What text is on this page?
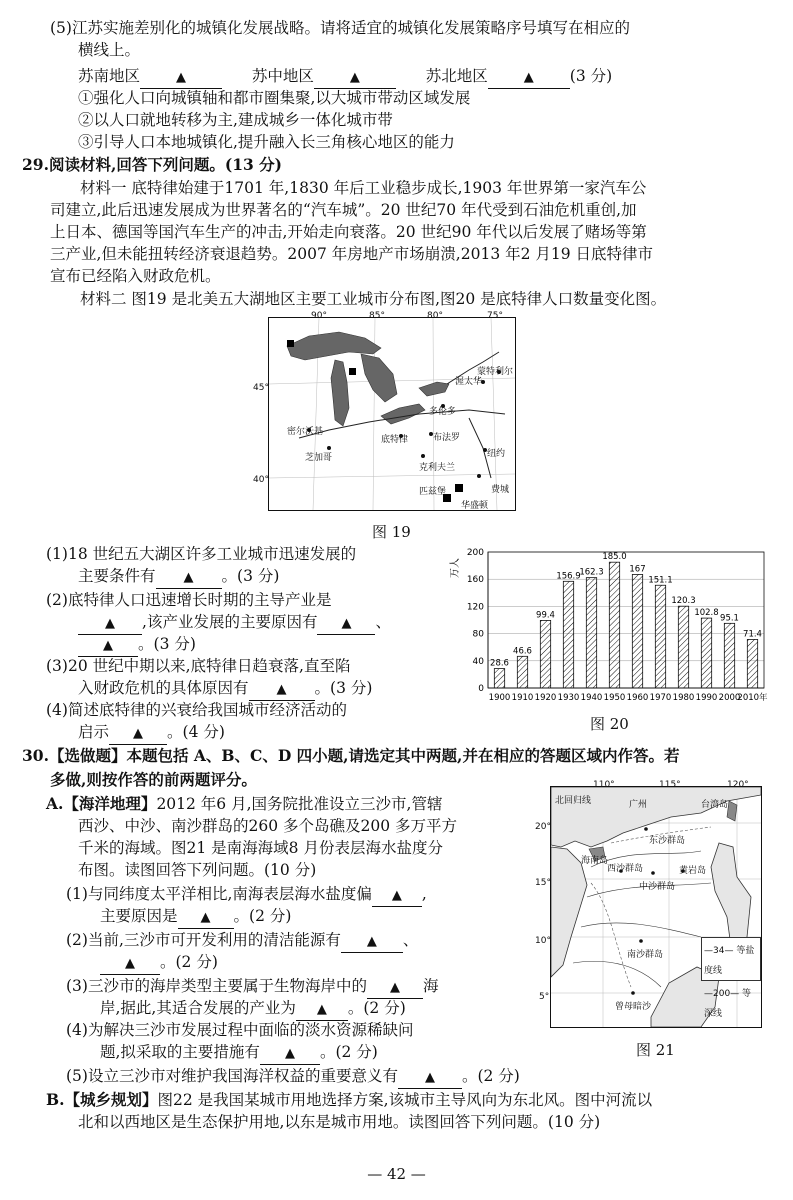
(5)江苏实施差别化的城镇化发展战略。请将适宜的城镇化发展策略序号填写在相应的
横线上。
苏南地区	▲	苏中地区	▲	苏北地区	▲ (3 分)
①强化人口向城镇轴和都市圈集聚,以大城市带动区域发展
②以人口就地转移为主,建成城乡一体化城市带
③引导人口本地城镇化,提升融入长三角核心地区的能力
29.阅读材料,回答下列问题。(13 分)
材料一 底特律始建于1701 年,1830 年后工业稳步成长,1903 年世界第一家汽车公
司建立,此后迅速发展成为世界著名的“汽车城”。20 世纪70 年代受到石油危机重创,加
上日本、德国等国汽车生产的冲击,开始走向衰落。20 世纪90 年代以后发展了赌场等第
三产业,但未能扭转经济衰退趋势。2007 年房地产市场崩溃,2013 年2 月19 日底特律市
宣布已经陷入财政危机。
材料二 图19 是北美五大湖地区主要工业城市分布图,图20 是底特律人口数量变化图。
90°	85°	80°	75°
45°
40°
蒙特利尔
渥太华
多伦多
密尔沃基
底特律
芝加哥
布法罗
克利夫兰
纽约
匹兹堡
华盛顿
费城
图 19
(1)18 世纪五大湖区许多工业城市迅速发展的
主要条件有 ▲ 。(3 分)
(2)底特律人口迅速增长时期的主导产业是
▲ ,该产业发展的主要原因有 ▲ 、
▲ 。(3 分)
(3)20 世纪中期以来,底特律日趋衰落,直至陷
入财政危机的具体原因有 ▲ 。(3 分)
(4)简述底特律的兴衰给我国城市经济活动的
启示 ▲ 。(4 分)
0
40
80
120
160
200
万人
28.6
1900
46.6
1910
99.4
1920
156.9
1930
162.3
1940
185.0
1950
167
1960
151.1
1970
120.3
1980
102.8
1990
95.1
2000
71.4
2010年
图 20
30.【选做题】本题包括 A、B、C、D 四小题,请选定其中两题,并在相应的答题区域内作答。若
多做,则按作答的前两题评分。
A.【海洋地理】2012 年6 月,国务院批准设立三沙市,管辖
西沙、中沙、南沙群岛的260 多个岛礁及200 多万平方
千米的海域。图21 是南海海域8 月份表层海水盐度分
布图。读图回答下列问题。(10 分)
(1)与同纬度太平洋相比,南海表层海水盐度偏 ▲ ,
主要原因是 ▲ 。(2 分)
(2)当前,三沙市可开发利用的清洁能源有 ▲ 、
▲ 。(2 分)
(3)三沙市的海岸类型主要属于生物海岸中的 ▲ 海
岸,据此,其适合发展的产业为 ▲ 。(2 分)
(4)为解决三沙市发展过程中面临的淡水资源稀缺问
题,拟采取的主要措施有 ▲ 。(2 分)
(5)设立三沙市对维护我国海洋权益的重要意义有 ▲ 。(2 分)
110°	115°	120°
20°
15°
10°
5°
北回归线	广州	台湾岛
海南岛
东沙群岛
西沙群岛
中沙群岛
黄岩岛
南沙群岛
曾母暗沙
—34— 等盐度线
—200— 等深线
图 21
B.【城乡规划】图22 是我国某城市用地选择方案,该城市主导风向为东北风。图中河流以
北和以西地区是生态保护用地,以东是城市用地。读图回答下列问题。(10 分)
— 42 —
